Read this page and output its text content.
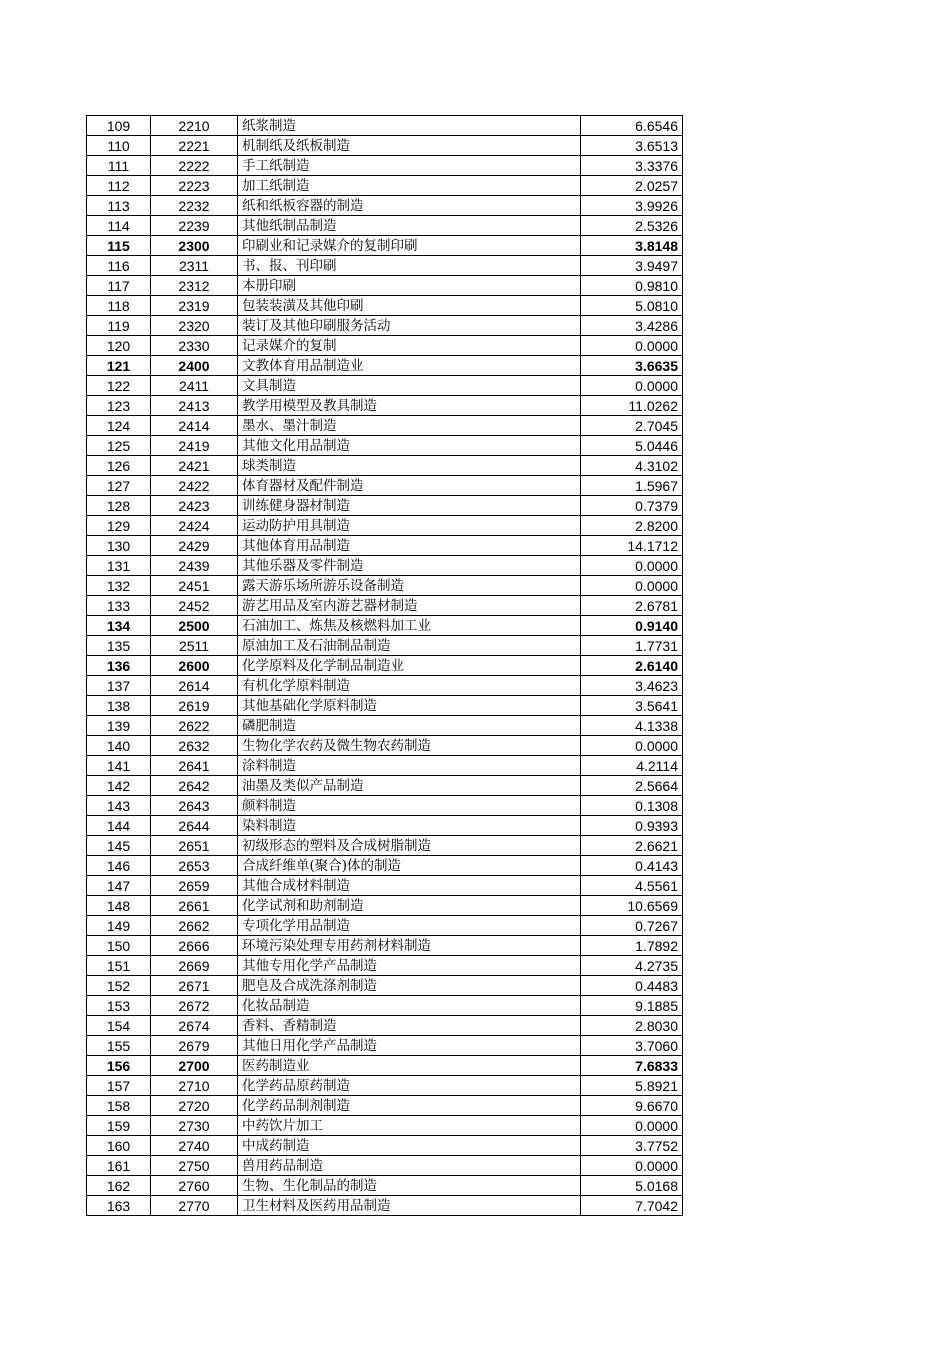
109	2210	纸浆制造	6.6546
110	2221	机制纸及纸板制造	3.6513
111	2222	手工纸制造	3.3376
112	2223	加工纸制造	2.0257
113	2232	纸和纸板容器的制造	3.9926
114	2239	其他纸制品制造	2.5326
115	2300	印刷业和记录媒介的复制印刷	3.8148
116	2311	书、报、刊印刷	3.9497
117	2312	本册印刷	0.9810
118	2319	包装装潢及其他印刷	5.0810
119	2320	装订及其他印刷服务活动	3.4286
120	2330	记录媒介的复制	0.0000
121	2400	文教体育用品制造业	3.6635
122	2411	文具制造	0.0000
123	2413	教学用模型及教具制造	11.0262
124	2414	墨水、墨汁制造	2.7045
125	2419	其他文化用品制造	5.0446
126	2421	球类制造	4.3102
127	2422	体育器材及配件制造	1.5967
128	2423	训练健身器材制造	0.7379
129	2424	运动防护用具制造	2.8200
130	2429	其他体育用品制造	14.1712
131	2439	其他乐器及零件制造	0.0000
132	2451	露天游乐场所游乐设备制造	0.0000
133	2452	游艺用品及室内游艺器材制造	2.6781
134	2500	石油加工、炼焦及核燃料加工业	0.9140
135	2511	原油加工及石油制品制造	1.7731
136	2600	化学原料及化学制品制造业	2.6140
137	2614	有机化学原料制造	3.4623
138	2619	其他基础化学原料制造	3.5641
139	2622	磷肥制造	4.1338
140	2632	生物化学农药及微生物农药制造	0.0000
141	2641	涂料制造	4.2114
142	2642	油墨及类似产品制造	2.5664
143	2643	颜料制造	0.1308
144	2644	染料制造	0.9393
145	2651	初级形态的塑料及合成树脂制造	2.6621
146	2653	合成纤维单(聚合)体的制造	0.4143
147	2659	其他合成材料制造	4.5561
148	2661	化学试剂和助剂制造	10.6569
149	2662	专项化学用品制造	0.7267
150	2666	环境污染处理专用药剂材料制造	1.7892
151	2669	其他专用化学产品制造	4.2735
152	2671	肥皂及合成洗涤剂制造	0.4483
153	2672	化妆品制造	9.1885
154	2674	香料、香精制造	2.8030
155	2679	其他日用化学产品制造	3.7060
156	2700	医药制造业	7.6833
157	2710	化学药品原药制造	5.8921
158	2720	化学药品制剂制造	9.6670
159	2730	中药饮片加工	0.0000
160	2740	中成药制造	3.7752
161	2750	兽用药品制造	0.0000
162	2760	生物、生化制品的制造	5.0168
163	2770	卫生材料及医药用品制造	7.7042
